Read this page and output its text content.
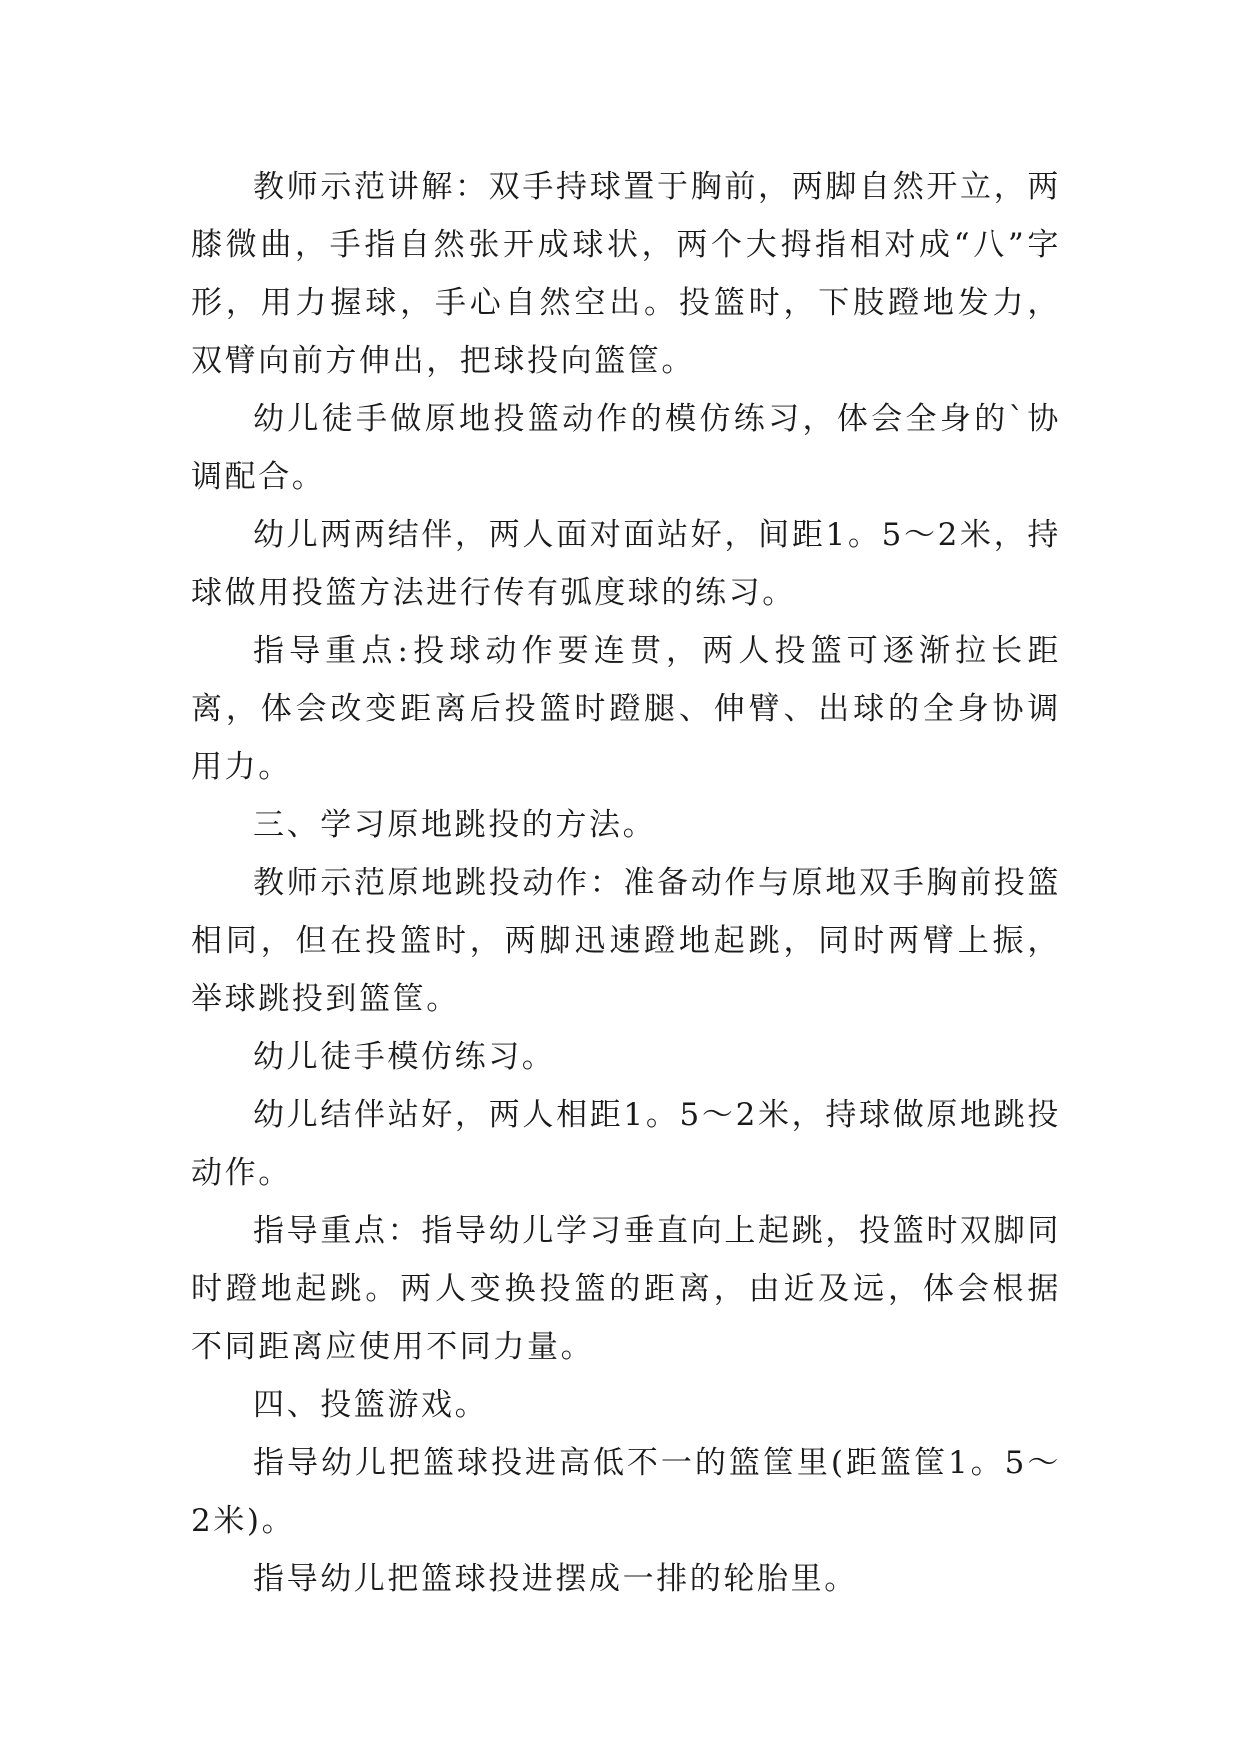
教师示范讲解：双手持球置于胸前，两脚自然开立，两膝微曲，手指自然张开成球状，两个大拇指相对成“八”字形，用力握球，手心自然空出。投篮时，下肢蹬地发力，双臂向前方伸出，把球投向篮筐。

幼儿徒手做原地投篮动作的模仿练习，体会全身的`协调配合。

幼儿两两结伴，两人面对面站好，间距1。5～2米，持球做用投篮方法进行传有弧度球的练习。

指导重点:投球动作要连贯，两人投篮可逐渐拉长距离，体会改变距离后投篮时蹬腿、伸臂、出球的全身协调用力。

三、学习原地跳投的方法。

教师示范原地跳投动作：准备动作与原地双手胸前投篮相同，但在投篮时，两脚迅速蹬地起跳，同时两臂上振，举球跳投到篮筐。

幼儿徒手模仿练习。

幼儿结伴站好，两人相距1。5～2米，持球做原地跳投动作。

指导重点：指导幼儿学习垂直向上起跳，投篮时双脚同时蹬地起跳。两人变换投篮的距离，由近及远，体会根据不同距离应使用不同力量。

四、投篮游戏。

指导幼儿把篮球投进高低不一的篮筐里(距篮筐1。5～2米)。

指导幼儿把篮球投进摆成一排的轮胎里。
